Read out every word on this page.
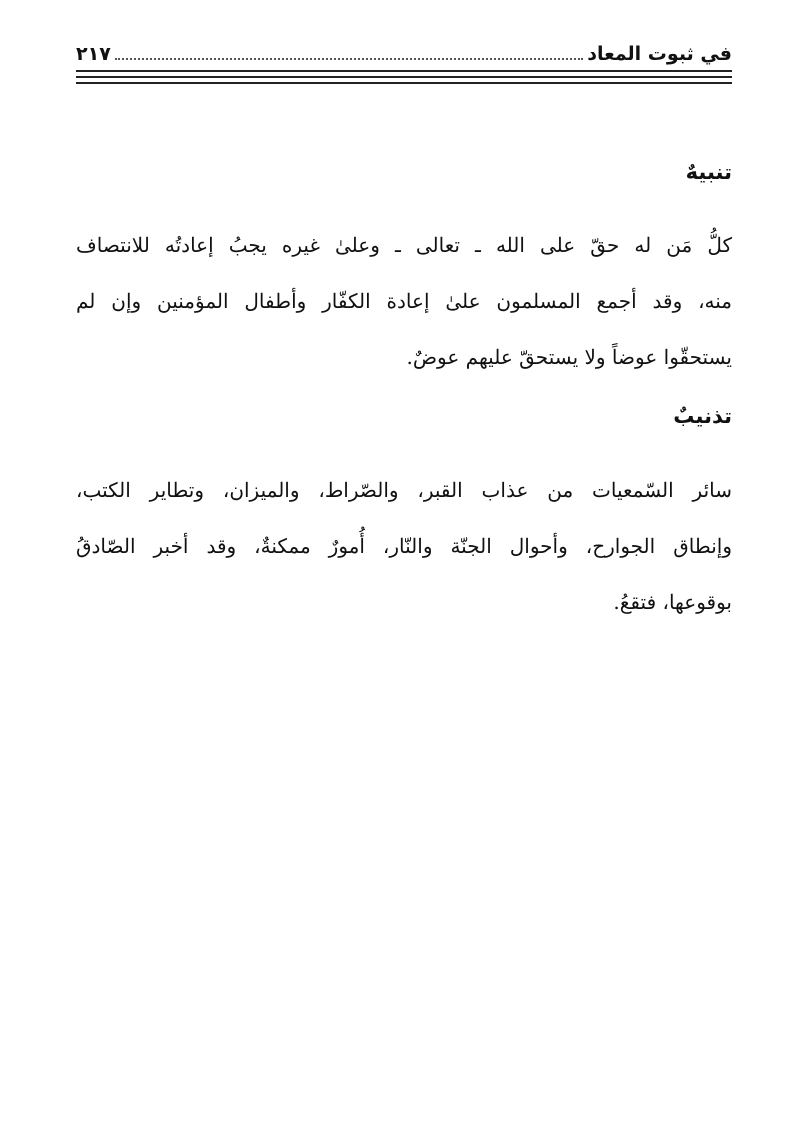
في ثبوت المعاد
٢١٧
تنبيهٌ
كلُّ مَن له حقّ على الله ـ تعالى ـ وعلىٰ غيره يجبُ إعادتُه للانتصاف
منه، وقد أجمع المسلمون علىٰ إعادة الكفّار وأطفال المؤمنين وإن لم
يستحقّوا عوضاً ولا يستحقّ عليهم عوضٌ.
تذنيبٌ
سائر السّمعيات من عذاب القبر، والصّراط، والميزان، وتطاير الكتب،
وإنطاق الجوارح، وأحوال الجنّة والنّار، أُمورٌ ممكنةٌ، وقد أخبر الصّادقُ
بوقوعها، فتقعُ.
